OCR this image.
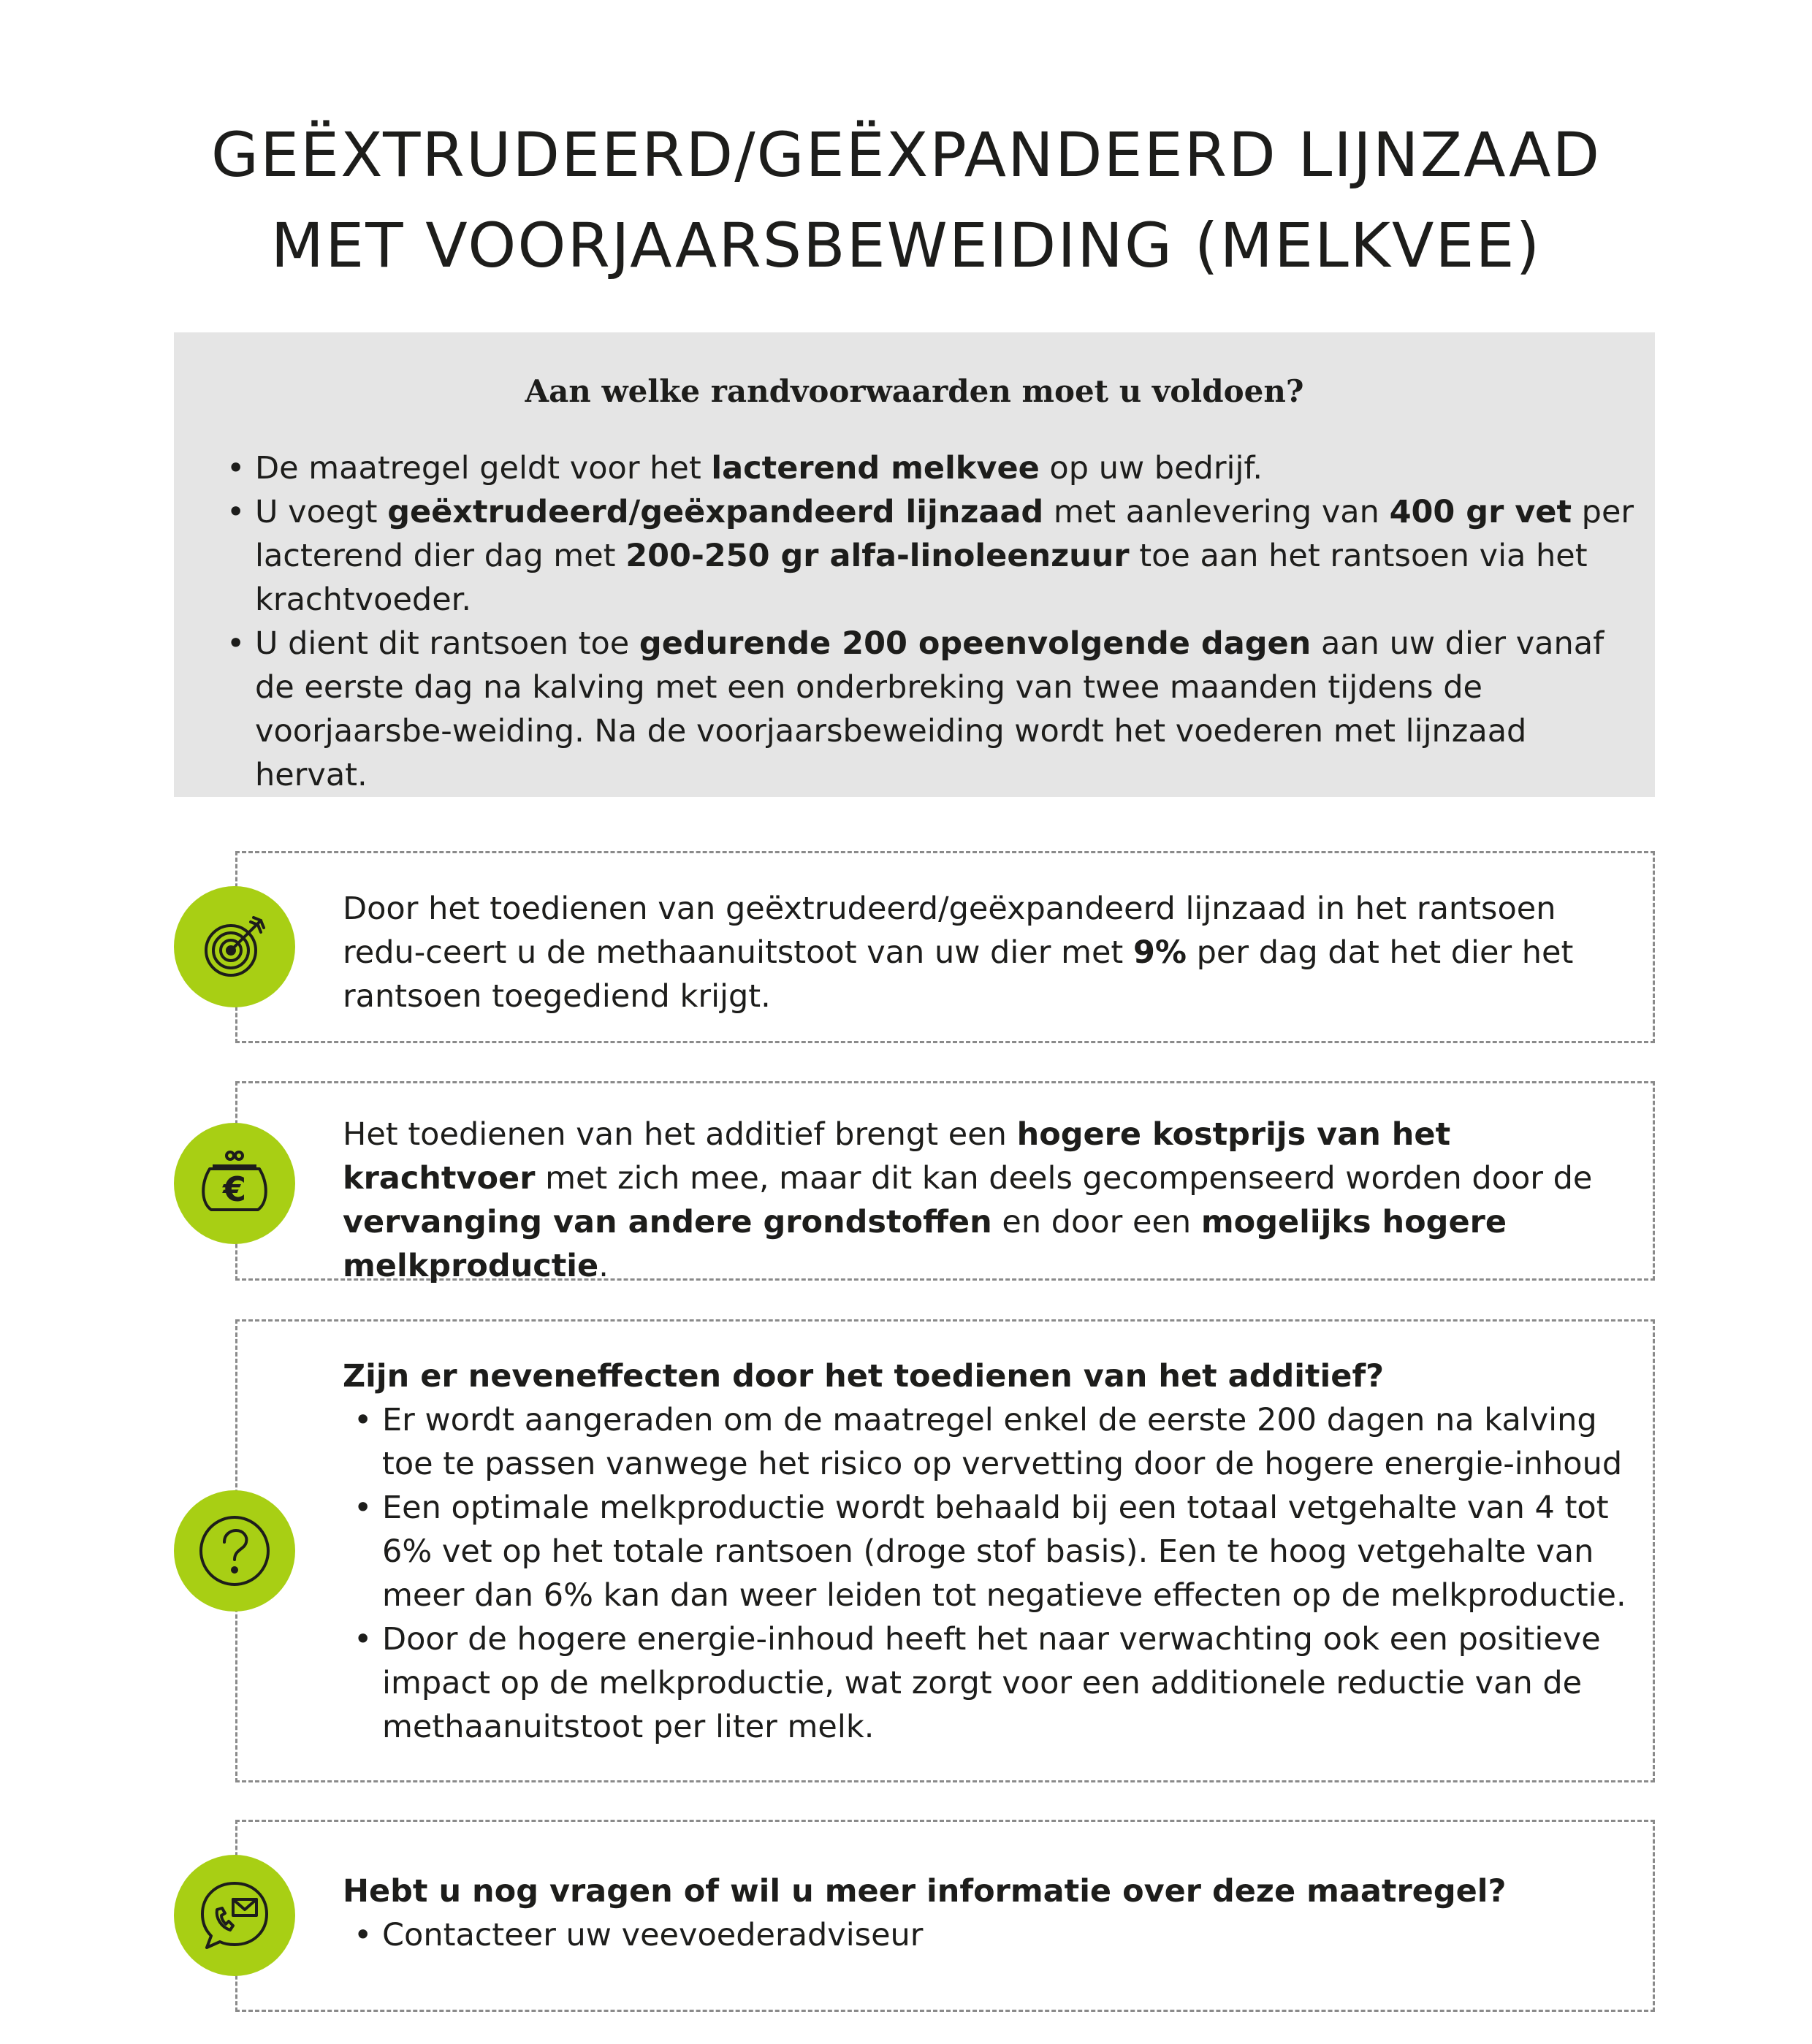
GEËXTRUDEERD/GEËXPANDEERD LIJNZAAD
MET VOORJAARSBEWEIDING (MELKVEE)
Aan welke randvoorwaarden moet u voldoen?
• De maatregel geldt voor het lacterend melkvee op uw bedrijf.
• U voegt geëxtrudeerd/geëxpandeerd lijnzaad met aanlevering van 400 gr vet per lacterend dier dag met 200-250 gr alfa-linoleenzuur toe aan het rantsoen via het krachtvoeder.
• U dient dit rantsoen toe gedurende 200 opeenvolgende dagen aan uw dier vanaf de eerste dag na kalving met een onderbreking van twee maanden tijdens de voorjaarsbe-weiding. Na de voorjaarsbeweiding wordt het voederen met lijnzaad hervat.
Door het toedienen van geëxtrudeerd/geëxpandeerd lijnzaad in het rantsoen redu-ceert u de methaanuitstoot van uw dier met 9% per dag dat het dier het rantsoen toegediend krijgt.
Het toedienen van het additief brengt een hogere kostprijs van het krachtvoer met zich mee, maar dit kan deels gecompenseerd worden door de vervanging van andere grondstoffen en door een mogelijks hogere melkproductie.
€
Zijn er neveneffecten door het toedienen van het additief?
• Er wordt aangeraden om de maatregel enkel de eerste 200 dagen na kalving toe te passen vanwege het risico op vervetting door de hogere energie-inhoud
• Een optimale melkproductie wordt behaald bij een totaal vetgehalte van 4 tot 6% vet op het totale rantsoen (droge stof basis). Een te hoog vetgehalte van meer dan 6% kan dan weer leiden tot negatieve effecten op de melkproductie.
• Door de hogere energie-inhoud heeft het naar verwachting ook een positieve impact op de melkproductie, wat zorgt voor een additionele reductie van de methaanuitstoot per liter melk.
Hebt u nog vragen of wil u meer informatie over deze maatregel?
• Contacteer uw veevoederadviseur
